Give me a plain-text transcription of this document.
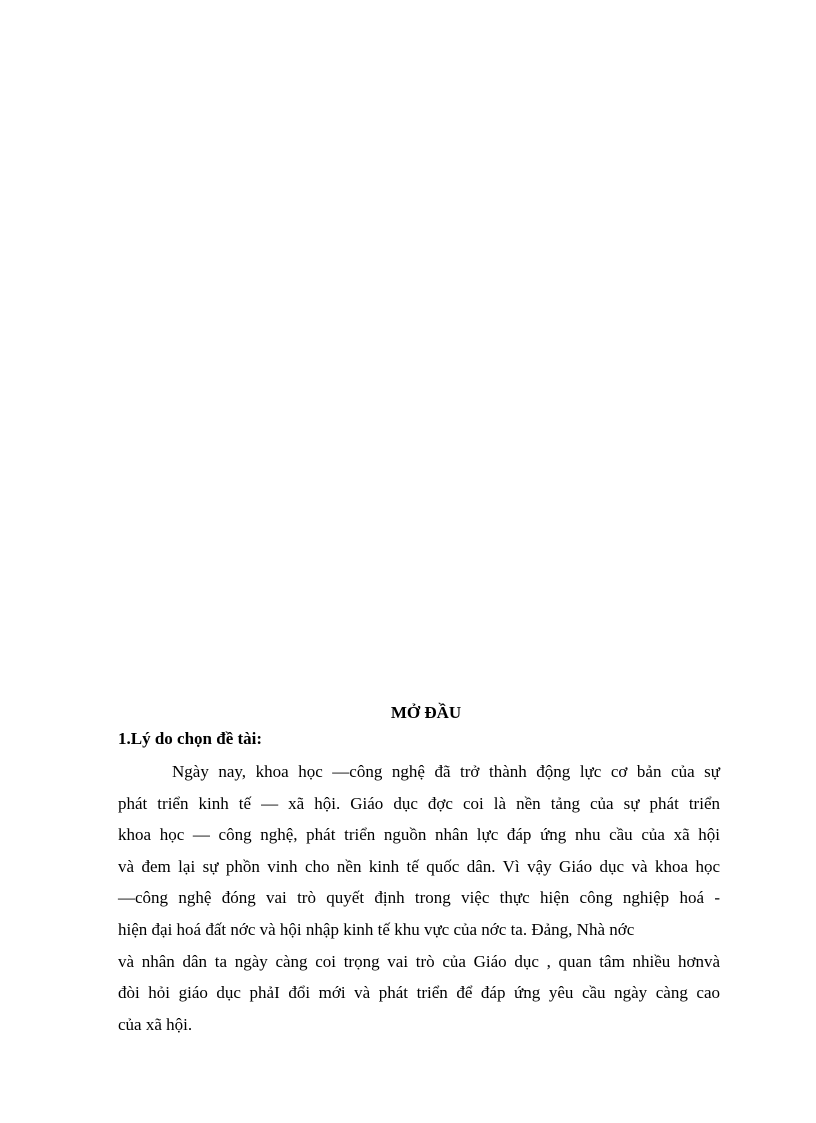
MỞ ĐẦU

1.Lý do chọn đề tài:

Ngày nay, khoa học —công nghệ đã trở thành động lực cơ bản của sự
phát triển kinh tế — xã hội. Giáo dục đợc coi là nền tảng của sự phát triển
khoa học — công nghệ, phát triển nguồn nhân lực đáp ứng nhu cầu của xã hội
và đem lại sự phồn vinh cho nền kinh tế quốc dân. Vì vậy Giáo dục và khoa học
—công nghệ đóng vai trò quyết định trong việc thực hiện công nghiệp hoá -
hiện đại hoá đất nớc và hội nhập kinh tế khu vực của nớc ta. Đảng, Nhà nớc
và nhân dân ta ngày càng coi trọng vai trò của Giáo dục , quan tâm nhiều hơnvà
đòi hỏi giáo dục phảI đổi mới và phát triển để đáp ứng yêu cầu ngày càng cao
của xã hội.
